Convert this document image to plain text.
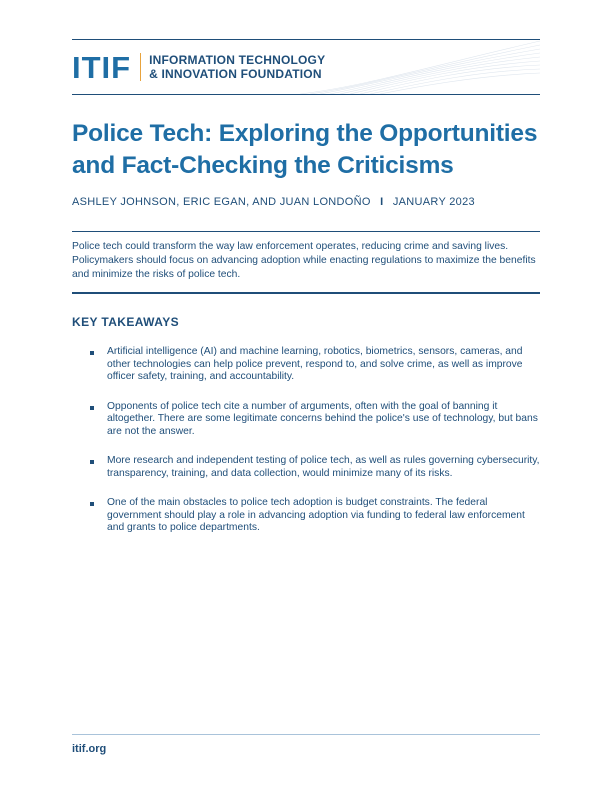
ITIF INFORMATION TECHNOLOGY
& INNOVATION FOUNDATION
Police Tech: Exploring the Opportunities and Fact-Checking the Criticisms
ASHLEY JOHNSON, ERIC EGAN, AND JUAN LONDOÑO I JANUARY 2023

Police tech could transform the way law enforcement operates, reducing crime and saving lives. Policymakers should focus on advancing adoption while enacting regulations to maximize the benefits and minimize the risks of police tech.

KEY TAKEAWAYS
Artificial intelligence (AI) and machine learning, robotics, biometrics, sensors, cameras, and other technologies can help police prevent, respond to, and solve crime, as well as improve officer safety, training, and accountability.
Opponents of police tech cite a number of arguments, often with the goal of banning it altogether. There are some legitimate concerns behind the police's use of technology, but bans are not the answer.
More research and independent testing of police tech, as well as rules governing cybersecurity, transparency, training, and data collection, would minimize many of its risks.
One of the main obstacles to police tech adoption is budget constraints. The federal government should play a role in advancing adoption via funding to federal law enforcement and grants to police departments.
itif.org
